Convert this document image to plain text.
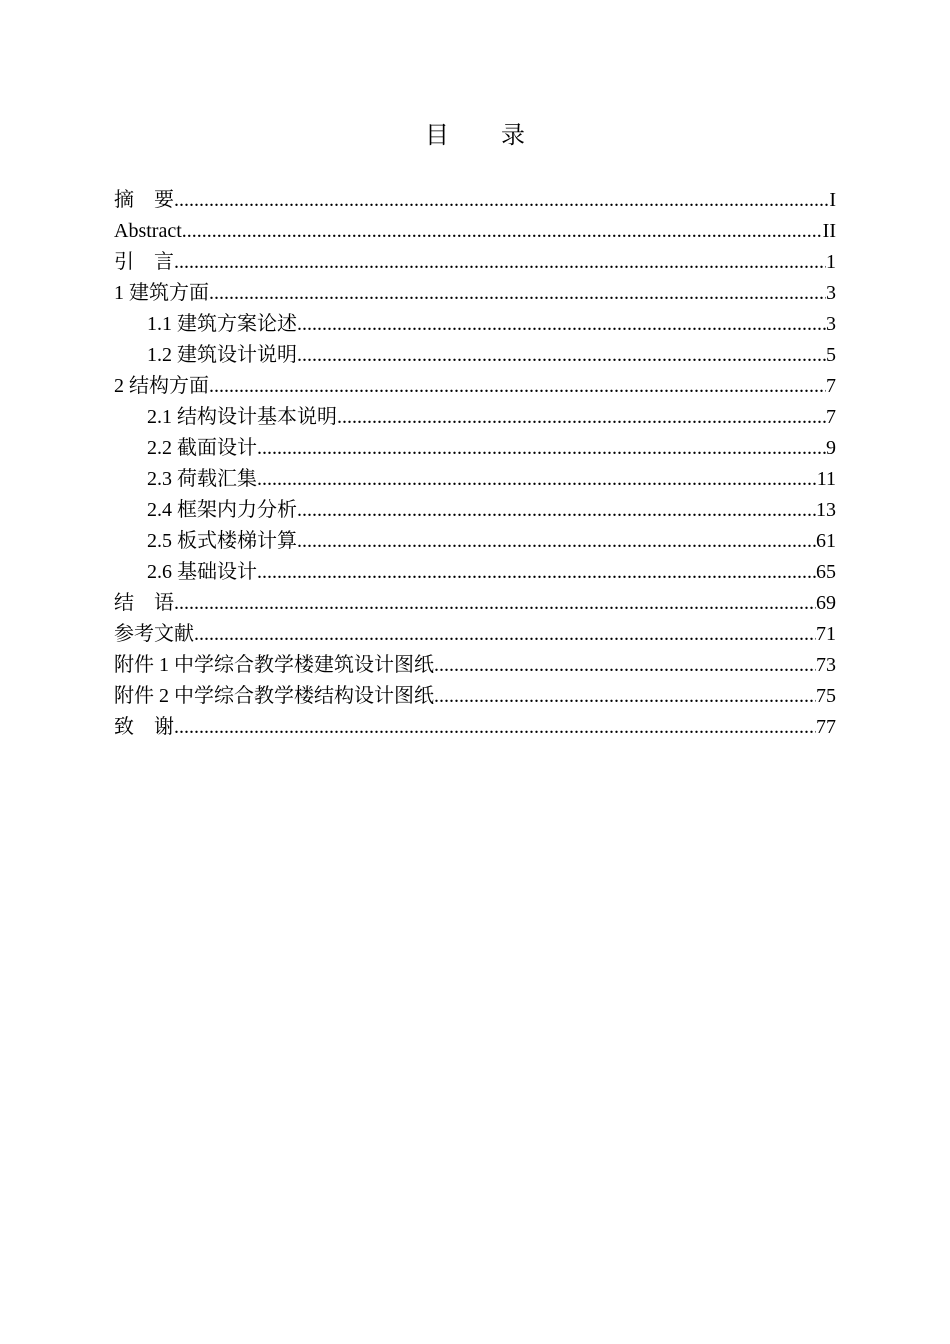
目 录
摘　要 .....	I
Abstract .....	II
引　言 .....	1
1 建筑方面 .....	3
1.1 建筑方案论述 .....	3
1.2 建筑设计说明 .....	5
2 结构方面 .....	7
2.1 结构设计基本说明 .....	7
2.2 截面设计 .....	9
2.3 荷载汇集 .....	11
2.4 框架内力分析 .....	13
2.5 板式楼梯计算 .....	61
2.6 基础设计 .....	65
结　语 .....	69
参考文献 .....	71
附件 1 中学综合教学楼建筑设计图纸 .....	73
附件 2 中学综合教学楼结构设计图纸 .....	75
致　谢 .....	77
